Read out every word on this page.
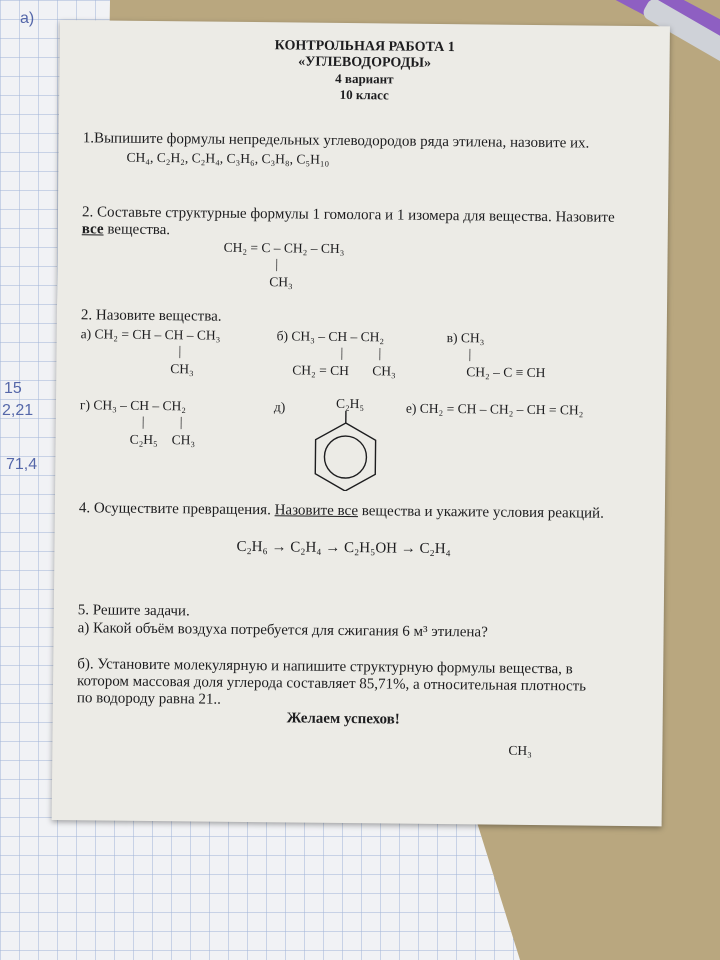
а)
15
2,21
71,4
КОНТРОЛЬНАЯ РАБОТА 1
«УГЛЕВОДОРОДЫ»
4 вариант
10 класс
1.Выпишите формулы непредельных углеводородов ряда этилена, назовите их.
CH₄, C₂H₂, C₂H₄, C₃H₆, C₃H₈, C₅H₁₀
2. Составьте структурные формулы 1 гомолога и 1 изомера для вещества. Назовите
все вещества.
CH₂ = C – CH₂ – CH₃
|
CH₃
2. Назовите вещества.
а) CH₂ = CH – CH – CH₃
|
CH₃
б) CH₃ – CH – CH₂
|	|
CH₂ = CH CH₃
в) CH₃
|
CH₂ – C ≡ CH
г) CH₃ – CH – CH₂
|	|
C₂H₅ CH₃
д)	C₂H₅	е) CH₂ = CH – CH₂ – CH = CH₂
4. Осуществите превращения. Назовите все вещества и укажите условия реакций.
C₂H₆ → C₂H₄ → C₂H₅OH → C₂H₄
5. Решите задачи.
а) Какой объём воздуха потребуется для сжигания 6 м³ этилена?
б). Установите молекулярную и напишите структурную формулы вещества, в
котором массовая доля углерода составляет 85,71%, а относительная плотность
по водороду равна 21..
Желаем успехов!
CH₃
